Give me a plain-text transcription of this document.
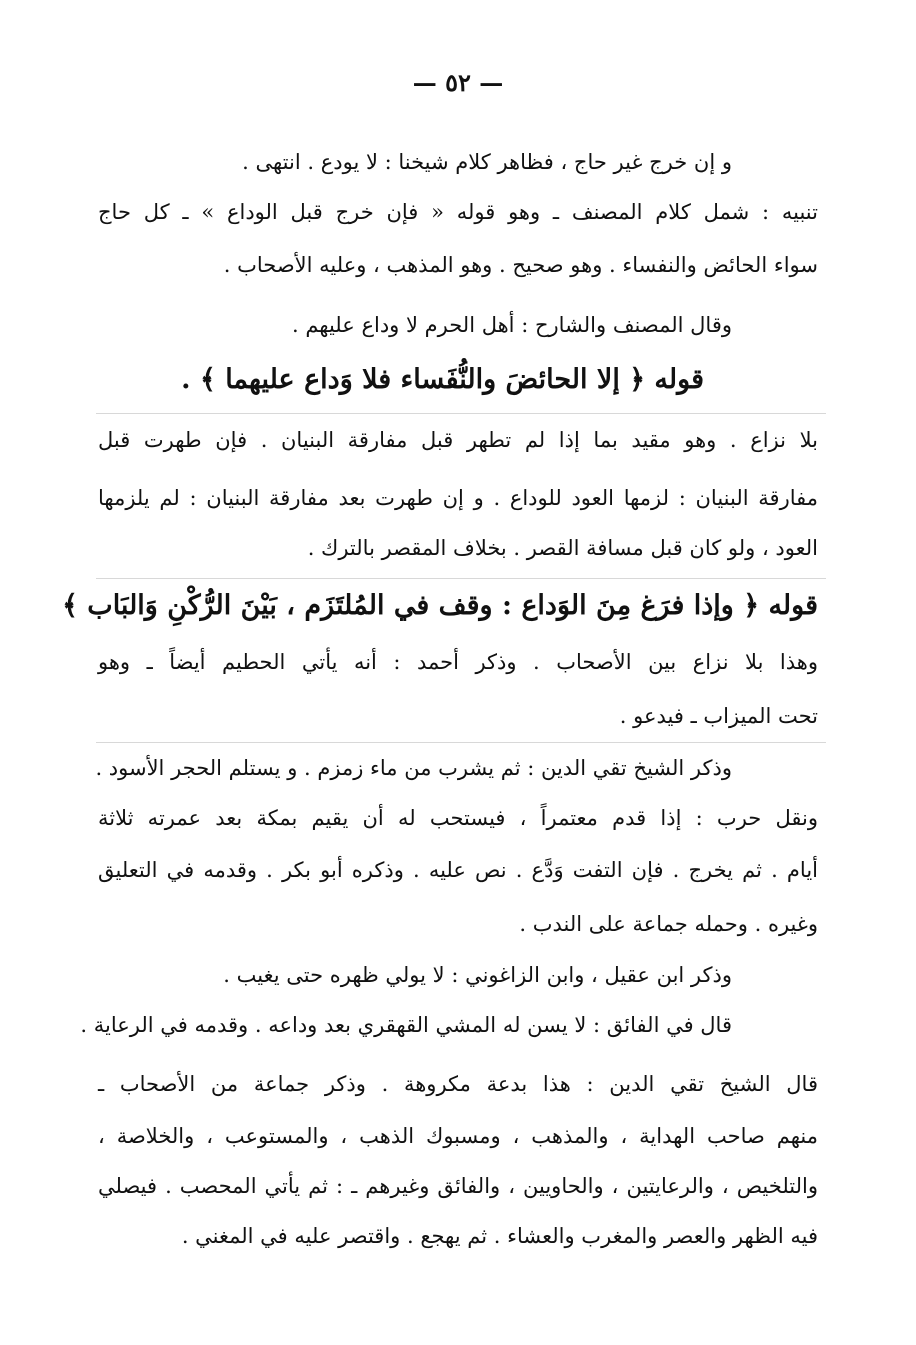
— ٥٢ —
و إن خرج غير حاج ، فظاهر كلام شيخنا : لا يودع . انتهى .
تنبيه : شمل كلام المصنف ـ وهو قوله « فإن خرج قبل الوداع » ـ كل حاج
سواء الحائض والنفساء . وهو صحيح . وهو المذهب ، وعليه الأصحاب .
وقال المصنف والشارح : أهل الحرم لا وداع عليهم .
قوله ﴿ إلا الحائضَ والنُّفَساء فلا وَداع عليهما ﴾ .
بلا نزاع . وهو مقيد بما إذا لم تطهر قبل مفارقة البنيان . فإن طهرت قبل
مفارقة البنيان : لزمها العود للوداع . و إن طهرت بعد مفارقة البنيان : لم يلزمها
العود ، ولو كان قبل مسافة القصر . بخلاف المقصر بالترك .
قوله ﴿ وإذا فرَغ مِنَ الوَداع : وقف في المُلتَزَم ، بَيْنَ الرُّكْنِ وَالبَاب ﴾
وهذا بلا نزاع بين الأصحاب . وذكر أحمد : أنه يأتي الحطيم أيضاً ـ وهو
تحت الميزاب ـ فيدعو .
وذكر الشيخ تقي الدين : ثم يشرب من ماء زمزم . و يستلم الحجر الأسود .
ونقل حرب : إذا قدم معتمراً ، فيستحب له أن يقيم بمكة بعد عمرته ثلاثة
أيام . ثم يخرج . فإن التفت وَدَّع . نص عليه . وذكره أبو بكر . وقدمه في التعليق
وغيره . وحمله جماعة على الندب .
وذكر ابن عقيل ، وابن الزاغوني : لا يولي ظهره حتى يغيب .
قال في الفائق : لا يسن له المشي القهقري بعد وداعه . وقدمه في الرعاية .
قال الشيخ تقي الدين : هذا بدعة مكروهة . وذكر جماعة من الأصحاب ـ
منهم صاحب الهداية ، والمذهب ، ومسبوك الذهب ، والمستوعب ، والخلاصة ،
والتلخيص ، والرعايتين ، والحاويين ، والفائق وغيرهم ـ : ثم يأتي المحصب . فيصلي
فيه الظهر والعصر والمغرب والعشاء . ثم يهجع . واقتصر عليه في المغني .
